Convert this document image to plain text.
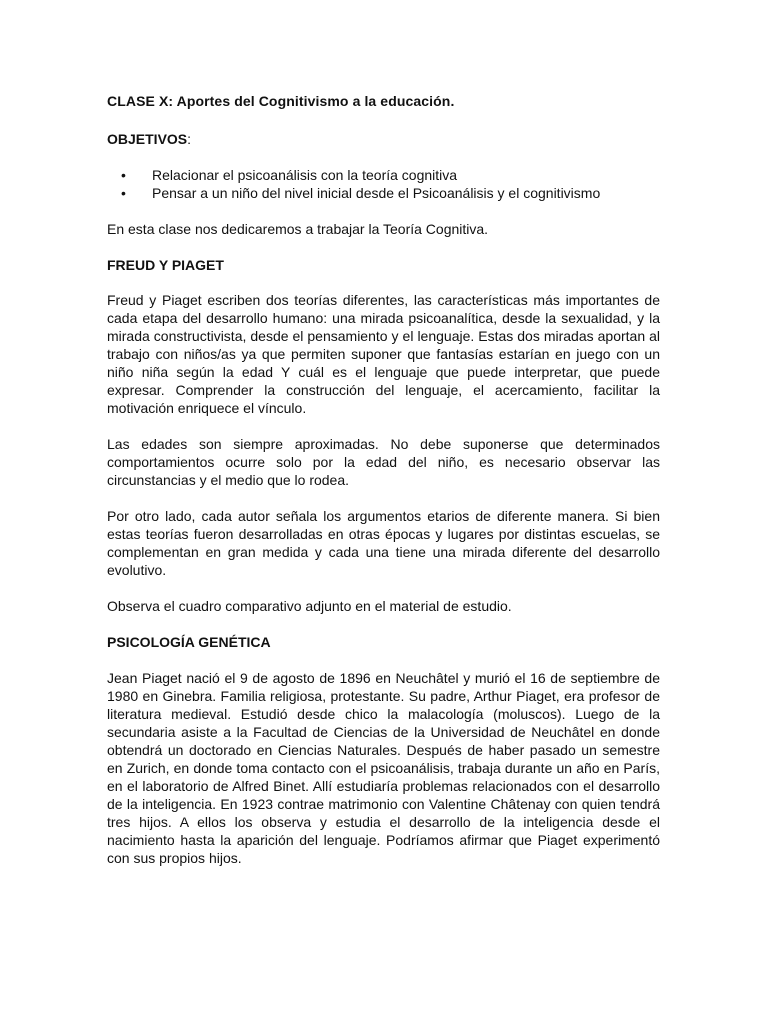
CLASE X: Aportes del Cognitivismo a la educación.

OBJETIVOS:

• Relacionar el psicoanálisis con la teoría cognitiva
• Pensar a un niño del nivel inicial desde el Psicoanálisis y el cognitivismo

En esta clase nos dedicaremos a trabajar la Teoría Cognitiva.

FREUD Y PIAGET

Freud y Piaget escriben dos teorías diferentes, las características más importantes de cada etapa del desarrollo humano: una mirada psicoanalítica, desde la sexualidad, y la mirada constructivista, desde el pensamiento y el lenguaje. Estas dos miradas aportan al trabajo con niños/as ya que permiten suponer que fantasías estarían en juego con un niño niña según la edad Y cuál es el lenguaje que puede interpretar, que puede expresar. Comprender la construcción del lenguaje, el acercamiento, facilitar la motivación enriquece el vínculo.

Las edades son siempre aproximadas. No debe suponerse que determinados comportamientos ocurre solo por la edad del niño, es necesario observar las circunstancias y el medio que lo rodea.

Por otro lado, cada autor señala los argumentos etarios de diferente manera. Si bien estas teorías fueron desarrolladas en otras épocas y lugares por distintas escuelas, se complementan en gran medida y cada una tiene una mirada diferente del desarrollo evolutivo.

Observa el cuadro comparativo adjunto en el material de estudio.

PSICOLOGÍA GENÉTICA

Jean Piaget nació el 9 de agosto de 1896 en Neuchâtel y murió el 16 de septiembre de 1980 en Ginebra. Familia religiosa, protestante. Su padre, Arthur Piaget, era profesor de literatura medieval. Estudió desde chico la malacología (moluscos). Luego de la secundaria asiste a la Facultad de Ciencias de la Universidad de Neuchâtel en donde obtendrá un doctorado en Ciencias Naturales. Después de haber pasado un semestre en Zurich, en donde toma contacto con el psicoanálisis, trabaja durante un año en París, en el laboratorio de Alfred Binet. Allí estudiaría problemas relacionados con el desarrollo de la inteligencia. En 1923 contrae matrimonio con Valentine Châtenay con quien tendrá tres hijos. A ellos los observa y estudia el desarrollo de la inteligencia desde el nacimiento hasta la aparición del lenguaje. Podríamos afirmar que Piaget experimentó con sus propios hijos.
